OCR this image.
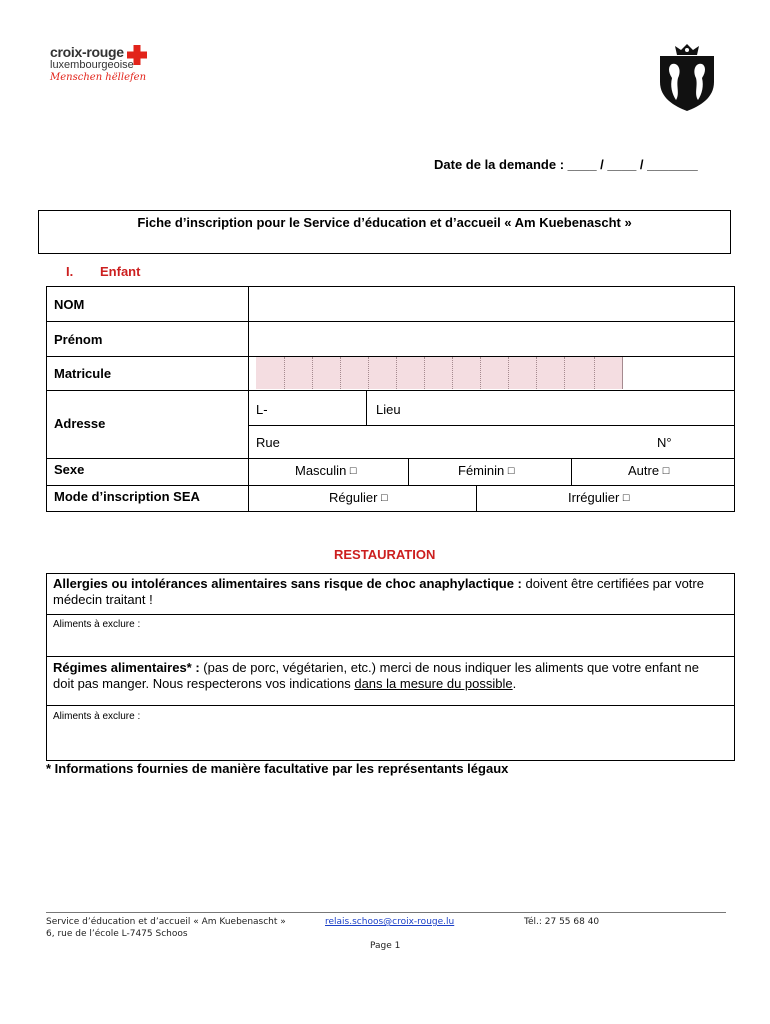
croix-rouge
luxembourgeoise
Menschen hëllefen
Date de la demande : ____ / ____ / _______
Fiche d’inscription pour le Service d’éducation et d’accueil « Am Kuebenascht »
I. Enfant
NOM
Prénom
Matricule
Adresse
L-	Lieu
Rue	N°
Sexe	Masculin □	Féminin □	Autre □
Mode d’inscription SEA	Régulier □	Irrégulier □
RESTAURATION
Allergies ou intolérances alimentaires sans risque de choc anaphylactique : doivent être certifiées par votre médecin traitant !
Aliments à exclure :
Régimes alimentaires* : (pas de porc, végétarien, etc.) merci de nous indiquer les aliments que votre enfant ne doit pas manger. Nous respecterons vos indications dans la mesure du possible.
Aliments à exclure :
* Informations fournies de manière facultative par les représentants légaux
Service d’éducation et d’accueil « Am Kuebenascht »
6, rue de l’école L-7475 Schoos
relais.schoos@croix-rouge.lu	Tél.: 27 55 68 40
Page 1
